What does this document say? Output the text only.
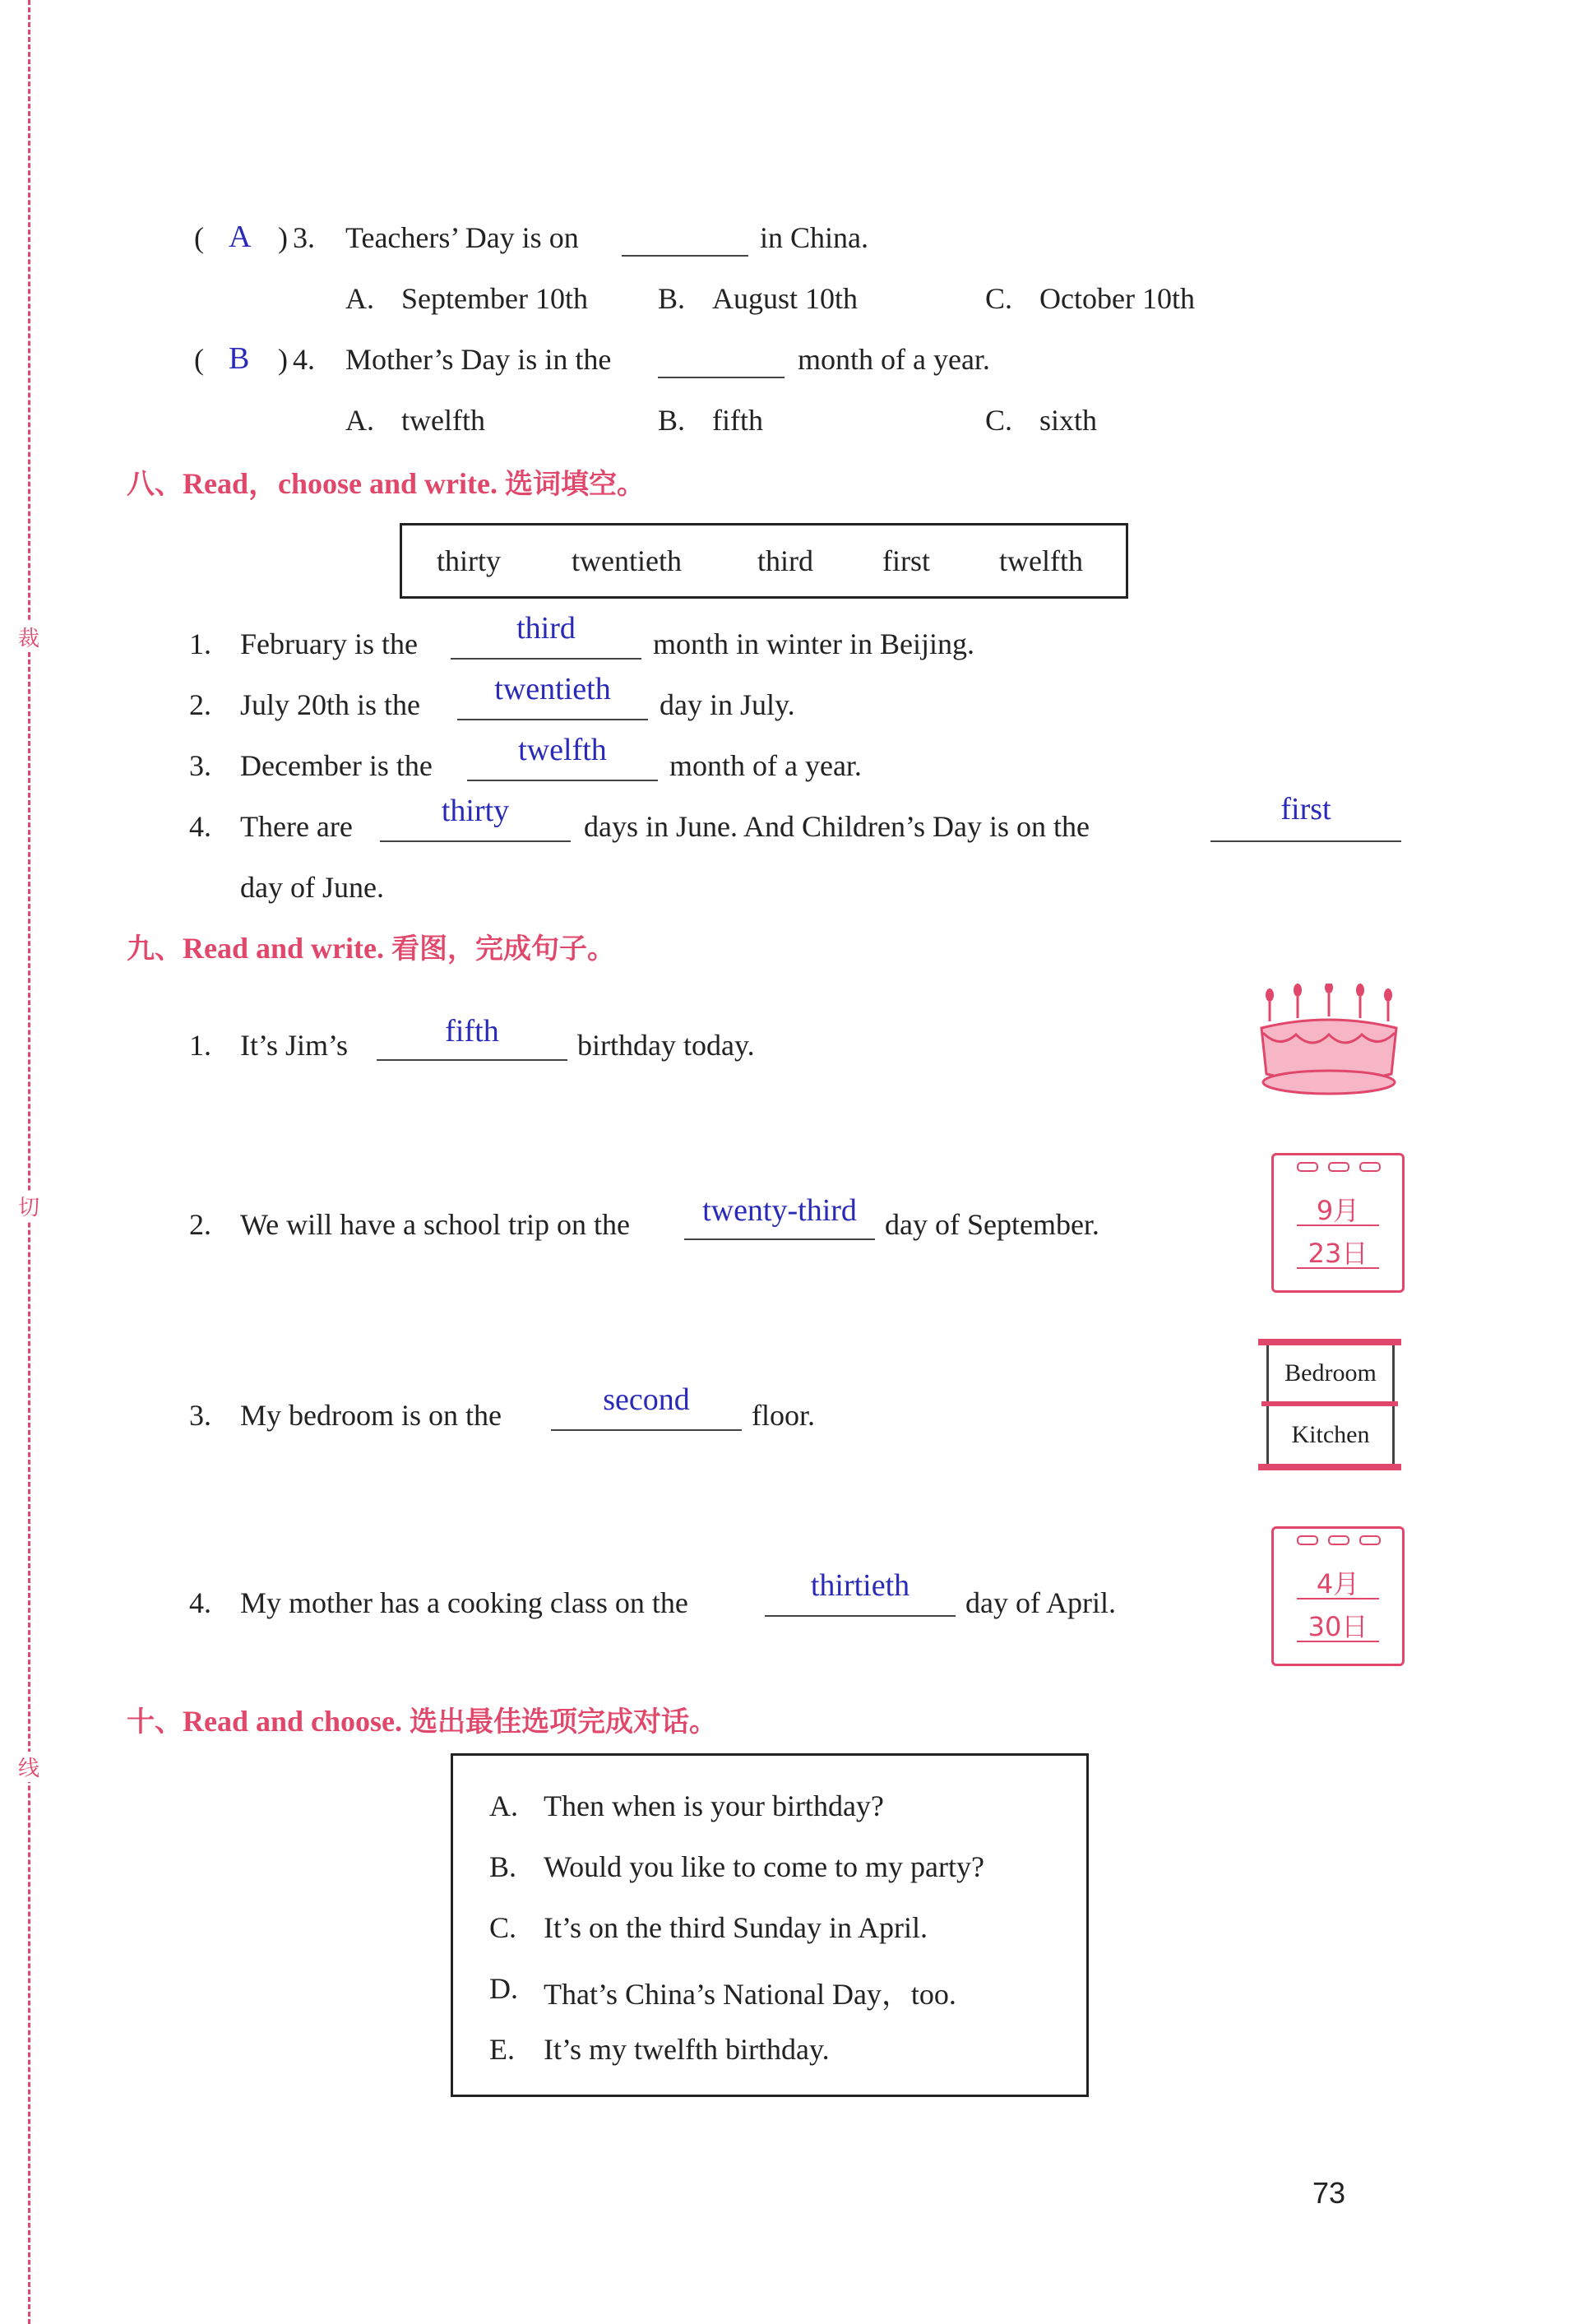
裁
切
线
( A ) 3. Teachers’ Day is on	in China.
A. September 10th B. August 10th	C. October 10th
( B ) 4. Mother’s Day is in the	month of a year.
A. twelfth	B. fifth	C. sixth
八、Read，choose and write. 选词填空。
thirty twentieth	third first twelfth
1. February is the	third	month in winter in Beijing.
2. July 20th is the	twentieth	day in July.
3. December is the	twelfth	month of a year.
4. There are	thirty	days in June. And Children’s Day is on the	first
day of June.
九、Read and write. 看图，完成句子。
1. It’s Jim’s	fifth	birthday today.
2. We will have a school trip on the	twenty-third day of September.	9月
23日
3. My bedroom is on the	second	floor.
Bedroom
Kitchen
4. My mother has a cooking class on the	thirtieth	day of April.
4月
30日
十、Read and choose. 选出最佳选项完成对话。
A. Then when is your birthday?
B. Would you like to come to my party?
C. It’s on the third Sunday in April.
D. That’s China’s National Day，too.
E. It’s my twelfth birthday.
73
